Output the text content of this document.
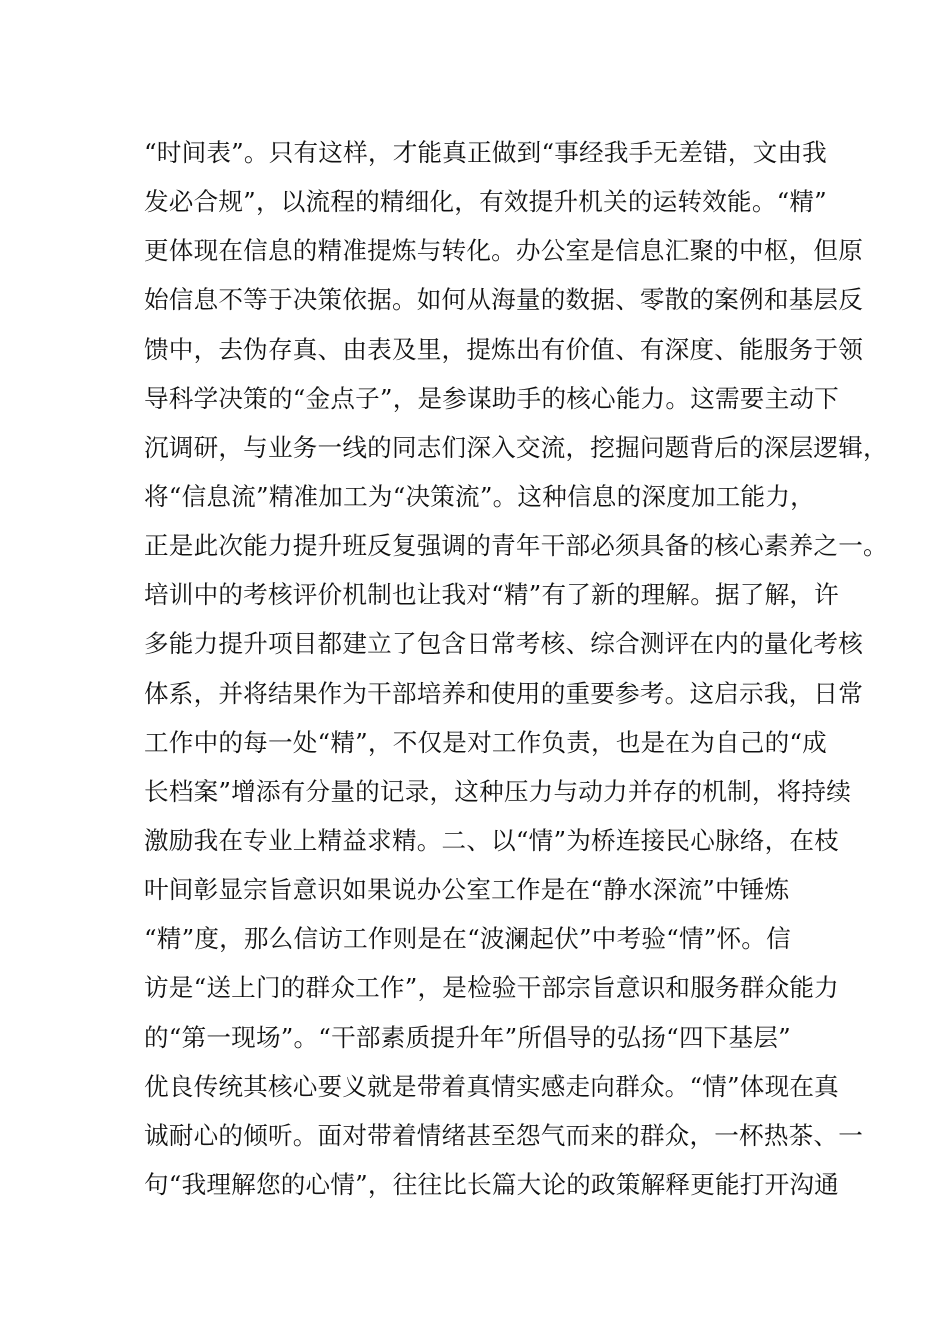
“时间表”。只有这样，才能真正做到“事经我手无差错，文由我
发必合规”，以流程的精细化，有效提升机关的运转效能。“精”
更体现在信息的精准提炼与转化。办公室是信息汇聚的中枢，但原
始信息不等于决策依据。如何从海量的数据、零散的案例和基层反
馈中，去伪存真、由表及里，提炼出有价值、有深度、能服务于领
导科学决策的“金点子”，是参谋助手的核心能力。这需要主动下
沉调研，与业务一线的同志们深入交流，挖掘问题背后的深层逻辑，
将“信息流”精准加工为“决策流”。这种信息的深度加工能力，
正是此次能力提升班反复强调的青年干部必须具备的核心素养之一。
培训中的考核评价机制也让我对“精”有了新的理解。据了解，许
多能力提升项目都建立了包含日常考核、综合测评在内的量化考核
体系，并将结果作为干部培养和使用的重要参考。这启示我，日常
工作中的每一处“精”，不仅是对工作负责，也是在为自己的“成
长档案”增添有分量的记录，这种压力与动力并存的机制，将持续
激励我在专业上精益求精。二、以“情”为桥连接民心脉络，在枝
叶间彰显宗旨意识如果说办公室工作是在“静水深流”中锤炼
“精”度，那么信访工作则是在“波澜起伏”中考验“情”怀。信
访是“送上门的群众工作”，是检验干部宗旨意识和服务群众能力
的“第一现场”。“干部素质提升年”所倡导的弘扬“四下基层”
优良传统其核心要义就是带着真情实感走向群众。“情”体现在真
诚耐心的倾听。面对带着情绪甚至怨气而来的群众，一杯热茶、一
句“我理解您的心情”，往往比长篇大论的政策解释更能打开沟通
